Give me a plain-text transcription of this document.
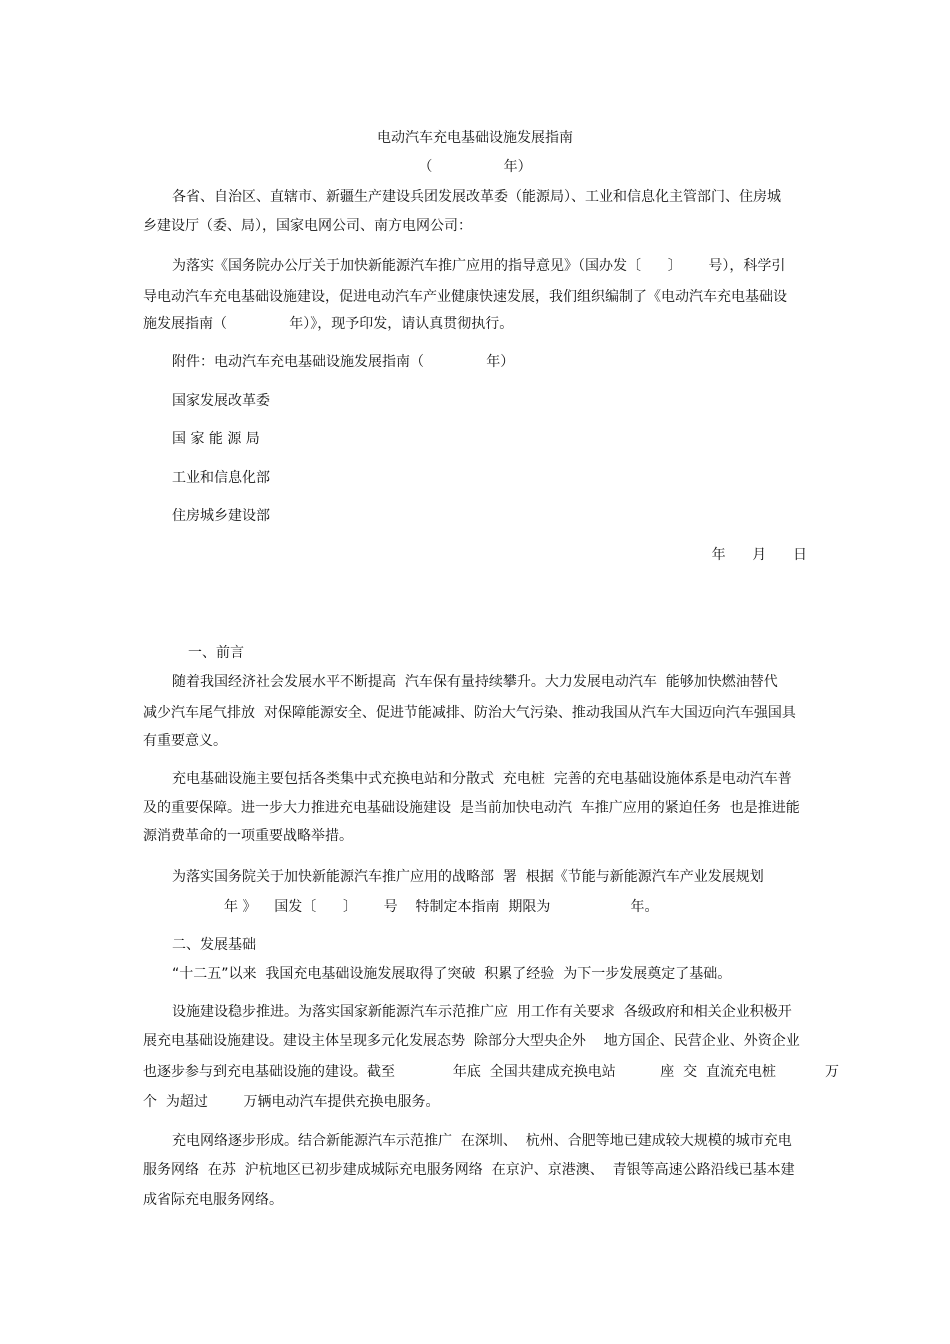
电动汽车充电基础设施发展指南
（                年）
各省、自治区、直辖市、新疆生产建设兵团发展改革委（能源局）、工业和信息化主管部门、住房城
乡建设厅（委、局），国家电网公司、南方电网公司：
为落实《国务院办公厅关于加快新能源汽车推广应用的指导意见》（国办发〔      〕      号），科学引
导电动汽车充电基础设施建设，促进电动汽车产业健康快速发展，我们组织编制了《电动汽车充电基础设
施发展指南（              年）》，现予印发，请认真贯彻执行。
附件：电动汽车充电基础设施发展指南（              年）
国家发展改革委
国 家 能 源 局
工业和信息化部
住房城乡建设部
年      月      日
一、前言
随着我国经济社会发展水平不断提高  汽车保有量持续攀升。大力发展电动汽车  能够加快燃油替代
减少汽车尾气排放  对保障能源安全、促进节能减排、防治大气污染、推动我国从汽车大国迈向汽车强国具
有重要意义。
充电基础设施主要包括各类集中式充换电站和分散式  充电桩  完善的充电基础设施体系是电动汽车普
及的重要保障。进一步大力推进充电基础设施建设  是当前加快电动汽  车推广应用的紧迫任务  也是推进能
源消费革命的一项重要战略举措。
为落实国务院关于加快新能源汽车推广应用的战略部  署  根据《节能与新能源汽车产业发展规划
年 》    国发〔      〕      号    特制定本指南  期限为                  年。
二、发展基础
“十二五”以来  我国充电基础设施发展取得了突破  积累了经验  为下一步发展奠定了基础。
设施建设稳步推进。为落实国家新能源汽车示范推广应  用工作有关要求  各级政府和相关企业积极开
展充电基础设施建设。建设主体呈现多元化发展态势  除部分大型央企外    地方国企、民营企业、外资企业
也逐步参与到充电基础设施的建设。截至             年底  全国共建成充换电站          座  交  直流充电桩           万
个  为超过        万辆电动汽车提供充换电服务。
充电网络逐步形成。结合新能源汽车示范推广  在深圳、  杭州、合肥等地已建成较大规模的城市充电
服务网络  在苏  沪杭地区已初步建成城际充电服务网络  在京沪、京港澳、  青银等高速公路沿线已基本建
成省际充电服务网络。
